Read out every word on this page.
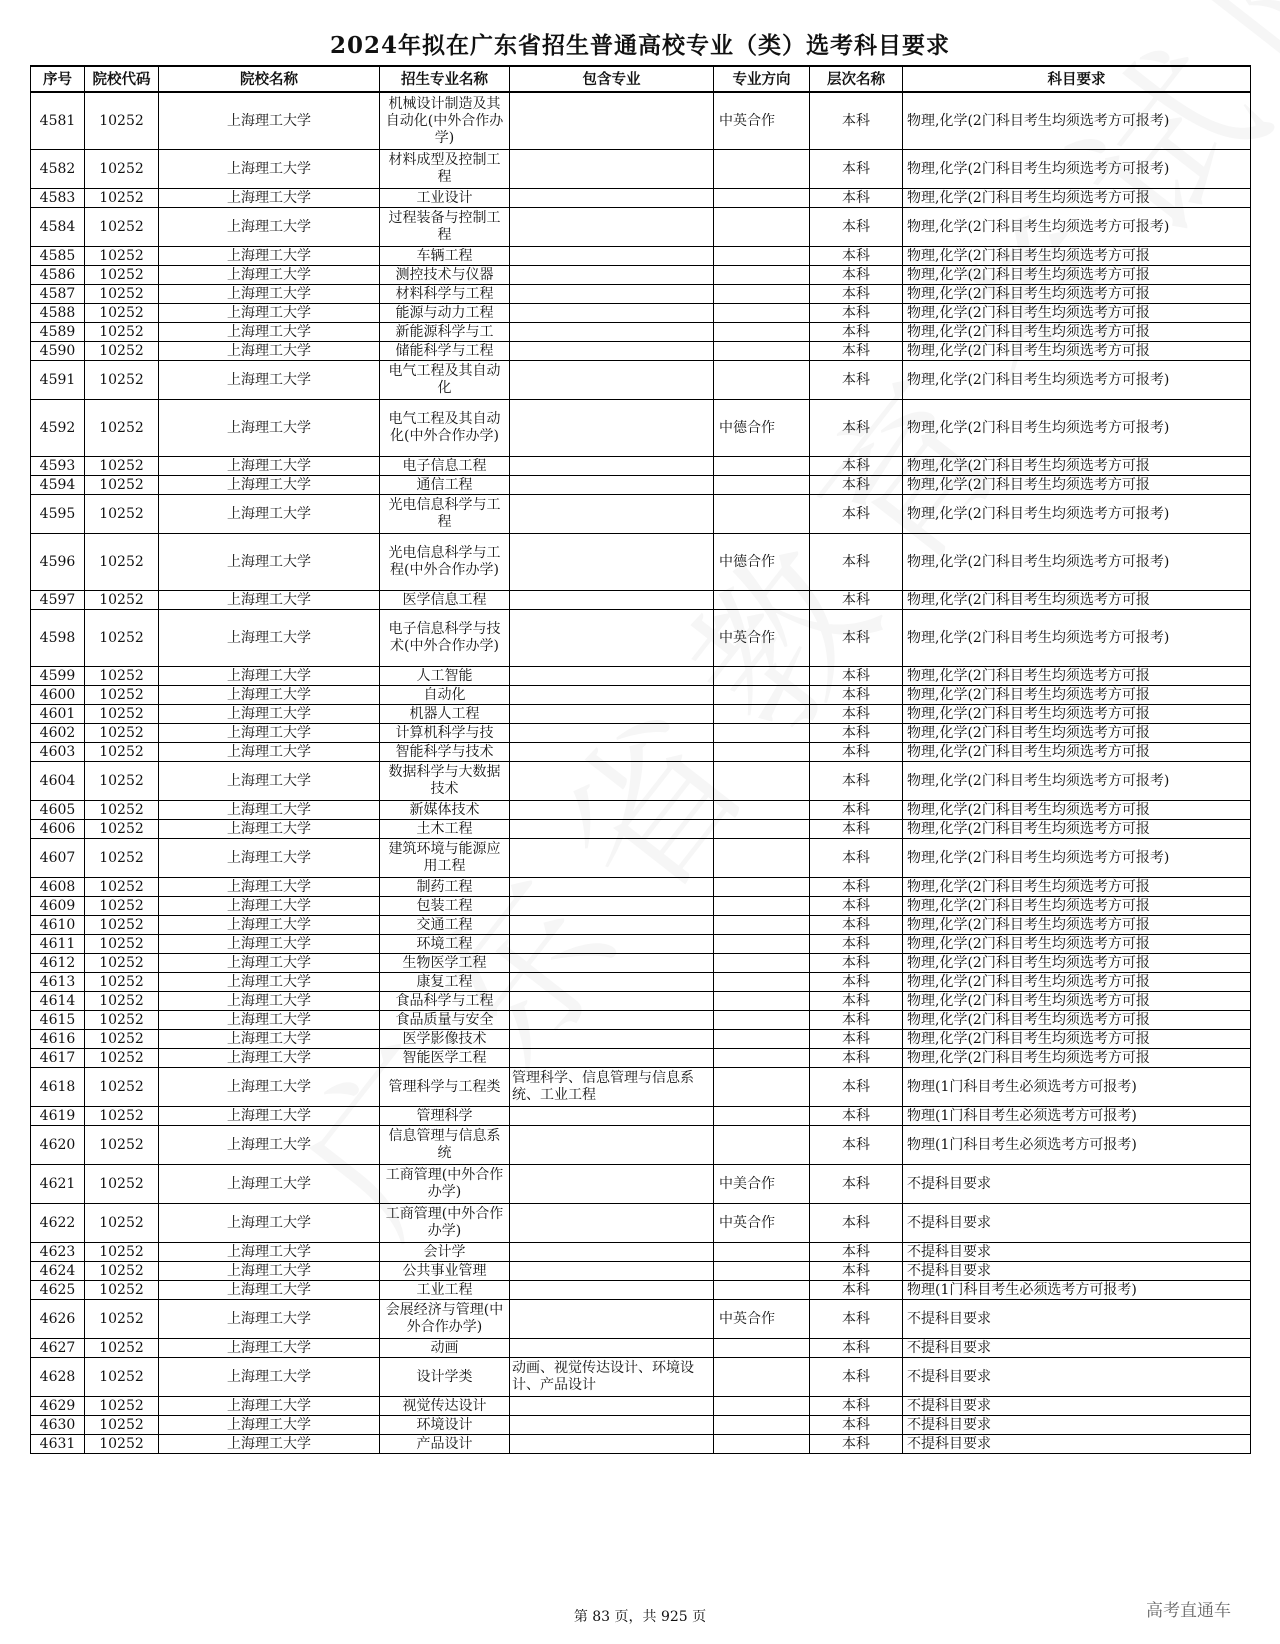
2024年拟在广东省招生普通高校专业（类）选考科目要求
序号	院校代码	院校名称	招生专业名称	包含专业	专业方向	层次名称	科目要求
4581	10252	上海理工大学	机械设计制造及其自动化(中外合作办学)		中英合作	本科	物理,化学(2门科目考生均须选考方可报考)
4582	10252	上海理工大学	材料成型及控制工程			本科	物理,化学(2门科目考生均须选考方可报考)
4583	10252	上海理工大学	工业设计			本科	物理,化学(2门科目考生均须选考方可报
4584	10252	上海理工大学	过程装备与控制工程			本科	物理,化学(2门科目考生均须选考方可报考)
4585	10252	上海理工大学	车辆工程			本科	物理,化学(2门科目考生均须选考方可报
4586	10252	上海理工大学	测控技术与仪器			本科	物理,化学(2门科目考生均须选考方可报
4587	10252	上海理工大学	材料科学与工程			本科	物理,化学(2门科目考生均须选考方可报
4588	10252	上海理工大学	能源与动力工程			本科	物理,化学(2门科目考生均须选考方可报
4589	10252	上海理工大学	新能源科学与工			本科	物理,化学(2门科目考生均须选考方可报
4590	10252	上海理工大学	储能科学与工程			本科	物理,化学(2门科目考生均须选考方可报
4591	10252	上海理工大学	电气工程及其自动化			本科	物理,化学(2门科目考生均须选考方可报考)
4592	10252	上海理工大学	电气工程及其自动化(中外合作办学)		中德合作	本科	物理,化学(2门科目考生均须选考方可报考)
4593	10252	上海理工大学	电子信息工程			本科	物理,化学(2门科目考生均须选考方可报
4594	10252	上海理工大学	通信工程			本科	物理,化学(2门科目考生均须选考方可报
4595	10252	上海理工大学	光电信息科学与工程			本科	物理,化学(2门科目考生均须选考方可报考)
4596	10252	上海理工大学	光电信息科学与工程(中外合作办学)		中德合作	本科	物理,化学(2门科目考生均须选考方可报考)
4597	10252	上海理工大学	医学信息工程			本科	物理,化学(2门科目考生均须选考方可报
4598	10252	上海理工大学	电子信息科学与技术(中外合作办学)		中英合作	本科	物理,化学(2门科目考生均须选考方可报考)
4599	10252	上海理工大学	人工智能			本科	物理,化学(2门科目考生均须选考方可报
4600	10252	上海理工大学	自动化			本科	物理,化学(2门科目考生均须选考方可报
4601	10252	上海理工大学	机器人工程			本科	物理,化学(2门科目考生均须选考方可报
4602	10252	上海理工大学	计算机科学与技			本科	物理,化学(2门科目考生均须选考方可报
4603	10252	上海理工大学	智能科学与技术			本科	物理,化学(2门科目考生均须选考方可报
4604	10252	上海理工大学	数据科学与大数据技术			本科	物理,化学(2门科目考生均须选考方可报考)
4605	10252	上海理工大学	新媒体技术			本科	物理,化学(2门科目考生均须选考方可报
4606	10252	上海理工大学	土木工程			本科	物理,化学(2门科目考生均须选考方可报
4607	10252	上海理工大学	建筑环境与能源应用工程			本科	物理,化学(2门科目考生均须选考方可报考)
4608	10252	上海理工大学	制药工程			本科	物理,化学(2门科目考生均须选考方可报
4609	10252	上海理工大学	包装工程			本科	物理,化学(2门科目考生均须选考方可报
4610	10252	上海理工大学	交通工程			本科	物理,化学(2门科目考生均须选考方可报
4611	10252	上海理工大学	环境工程			本科	物理,化学(2门科目考生均须选考方可报
4612	10252	上海理工大学	生物医学工程			本科	物理,化学(2门科目考生均须选考方可报
4613	10252	上海理工大学	康复工程			本科	物理,化学(2门科目考生均须选考方可报
4614	10252	上海理工大学	食品科学与工程			本科	物理,化学(2门科目考生均须选考方可报
4615	10252	上海理工大学	食品质量与安全			本科	物理,化学(2门科目考生均须选考方可报
4616	10252	上海理工大学	医学影像技术			本科	物理,化学(2门科目考生均须选考方可报
4617	10252	上海理工大学	智能医学工程			本科	物理,化学(2门科目考生均须选考方可报
4618	10252	上海理工大学	管理科学与工程类	管理科学、信息管理与信息系统、工业工程		本科	物理(1门科目考生必须选考方可报考)
4619	10252	上海理工大学	管理科学			本科	物理(1门科目考生必须选考方可报考)
4620	10252	上海理工大学	信息管理与信息系统			本科	物理(1门科目考生必须选考方可报考)
4621	10252	上海理工大学	工商管理(中外合作办学)		中美合作	本科	不提科目要求
4622	10252	上海理工大学	工商管理(中外合作办学)		中英合作	本科	不提科目要求
4623	10252	上海理工大学	会计学			本科	不提科目要求
4624	10252	上海理工大学	公共事业管理			本科	不提科目要求
4625	10252	上海理工大学	工业工程			本科	物理(1门科目考生必须选考方可报考)
4626	10252	上海理工大学	会展经济与管理(中外合作办学)		中英合作	本科	不提科目要求
4627	10252	上海理工大学	动画			本科	不提科目要求
4628	10252	上海理工大学	设计学类	动画、视觉传达设计、环境设计、产品设计		本科	不提科目要求
4629	10252	上海理工大学	视觉传达设计			本科	不提科目要求
4630	10252	上海理工大学	环境设计			本科	不提科目要求
4631	10252	上海理工大学	产品设计			本科	不提科目要求
第 83 页，共 925 页	高考直通车
